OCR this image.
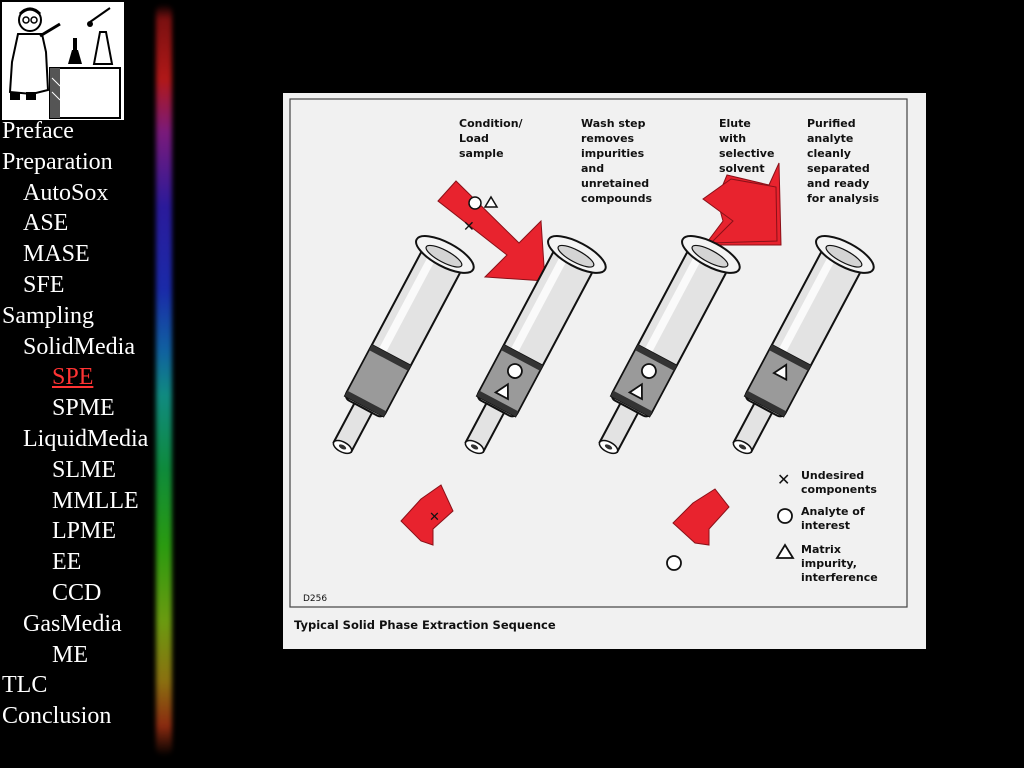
Preface
Preparation
AutoSox
ASE
MASE
SFE
Sampling
SolidMedia
SPE
SPME
LiquidMedia
SLME
MMLLE
LPME
EE
CCD
GasMedia
ME
TLC
Conclusion
Condition/ Load sample
Wash step removes impurities and unretained compounds
Elute with selective solvent
Purified analyte cleanly separated and ready for analysis
✕
✕
✕ Undesired components
Analyte of interest
Matrix impurity, interference
D256
Typical Solid Phase Extraction Sequence
